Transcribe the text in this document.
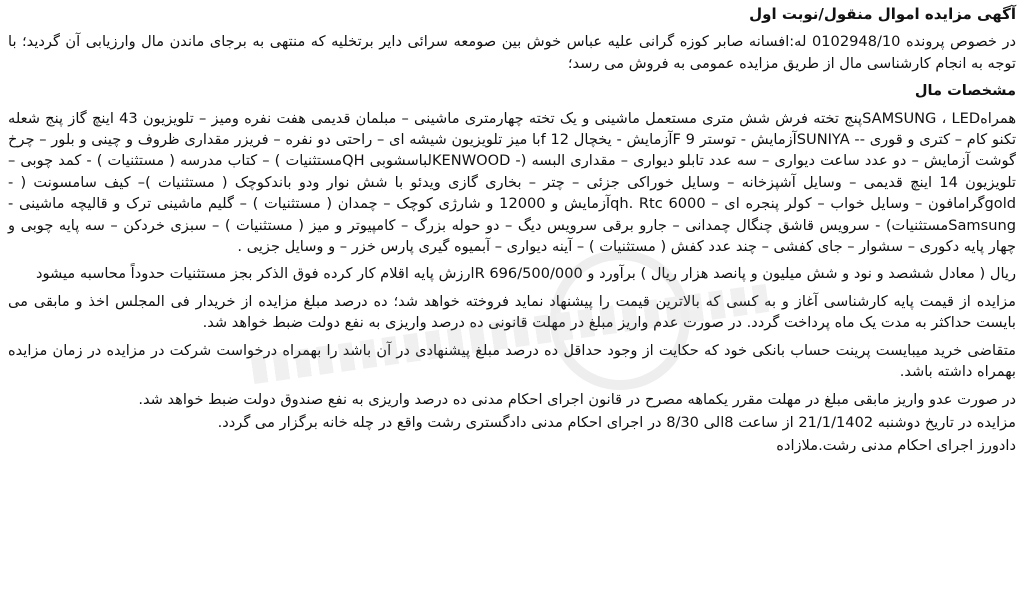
آگهی مزایده اموال منقول/نوبت اول

در خصوص پرونده 0102948/10 له:افسانه صابر کوزه گرانی علیه عباس خوش بین صومعه سرائی دایر برتخلیه که منتهی به برجای ماندن مال وارزیابی آن گردید؛ با توجه به انجام کارشناسی مال از طریق مزایده عمومی به فروش می رسد؛

مشخصات مال

همراهSAMSUNG ، LEDپنج تخته فرش شش متری مستعمل ماشینی و یک تخته چهارمتری ماشینی – مبلمان قدیمی هفت نفره ومیز – تلویزیون 43 اینچ گاز پنج شعله تکنو کام – کتری و قوری -- SUNIYAآزمایش - توستر 9 Fآزمایش - یخچال f 12با میز تلویزیون شیشه ای – راحتی دو نفره – فریزر مقداری ظروف و چینی و بلور – چرخ گوشت آزمایش – دو عدد ساعت دیواری – سه عدد تابلو دیواری – مقداری البسه (- KENWOODلباسشوبی QHمستثنیات ) – کتاب مدرسه ( مستثنیات ) - کمد چوبی – تلویزیون 14 اینچ قدیمی – وسایل آشپزخانه – وسایل خوراکی جزئی – چتر – بخاری گازی ویدئو با شش نوار ودو باندکوچک ( مستثنیات )– کیف سامسونت ( - goldگرامافون – وسایل خواب – کولر پنجره ای – qh. Rtc 6000آزمایش و 12000 و شارژی کوچک – چمدان ( مستثنیات ) – گلیم ماشینی ترک و قالیچه ماشینی - Samsungمستثنیات) - سرویس قاشق چنگال چمدانی – جارو برقی سرویس دیگ – دو حوله بزرگ – کامپیوتر و میز ( مستثنیات ) – سبزی خردکن – سه پایه چوبی و چهار پایه دکوری – سشوار – جای کفشی – چند عدد کفش ( مستثنیات ) – آینه دیواری – آبمیوه گیری پارس خزر – و وسایل جزیی .

ریال ( معادل ششصد و نود و شش میلیون و پانصد هزار ریال ) برآورد و 696/500/000 Rارزش پایه اقلام کار کرده فوق الذکر بجز مستثنیات حدوداً محاسبه میشود

مزایده از قیمت پایه کارشناسی آغاز و به کسی که بالاترین قیمت را پیشنهاد نماید فروخته خواهد شد؛ ده درصد مبلغ مزایده از خریدار فی المجلس اخذ و مابقی می بایست حداکثر به مدت یک ماه پرداخت گردد. در صورت عدم واریز مبلغ در مهلت قانونی ده درصد واریزی به نفع دولت ضبط خواهد شد.

متقاضی خرید میبایست پرینت حساب بانکی خود که حکایت از وجود حداقل ده درصد مبلغ پیشنهادی در آن باشد را بهمراه درخواست شرکت در مزایده در زمان مزایده بهمراه داشته باشد.

در صورت عدو واریز مابقی مبلغ در مهلت مقرر یکماهه مصرح در قانون اجرای احکام مدنی ده درصد واریزی به نفع صندوق دولت ضبط خواهد شد.

مزایده در تاریخ دوشنبه 21/1/1402 از ساعت 8الی 8/30 در اجرای احکام مدنی دادگستری رشت واقع در چله خانه برگزار می گردد.

دادورز اجرای احکام مدنی رشت.ملازاده
